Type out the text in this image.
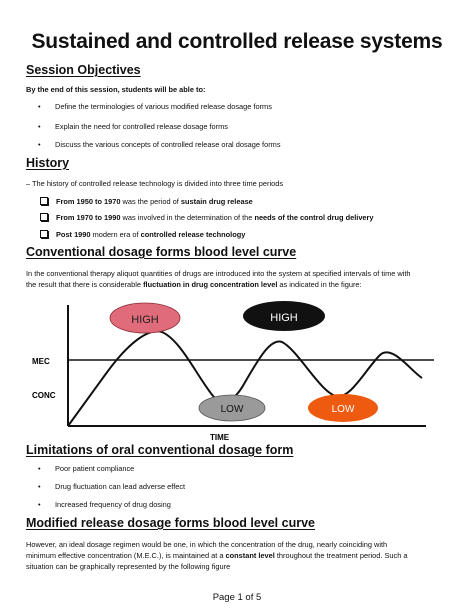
Sustained and controlled release systems
Session Objectives
By the end of this session, students will be able to:
• Define the terminologies of various modified release dosage forms
• Explain the need for controlled release dosage forms
• Discuss the various concepts of controlled release oral dosage forms
History
– The history of controlled release technology is divided into three time periods
From 1950 to 1970 was the period of sustain drug release
From 1970 to 1990 was involved in the determination of the needs of the control drug delivery
Post 1990 modern era of controlled release technology
Conventional dosage forms blood level curve
In the conventional therapy aliquot quantities of drugs are introduced into the system at specified intervals of time with
the result that there is considerable fluctuation in drug concentration level as indicated in the figure:
MEC
CONC
TIME
HIGH	HIGH
LOW	LOW
Limitations of oral conventional dosage form
• Poor patient compliance
• Drug fluctuation can lead adverse effect
• Increased frequency of drug dosing
Modified release dosage forms blood level curve
However, an ideal dosage regimen would be one, in which the concentration of the drug, nearly coinciding with
minimum effective concentration (M.E.C.), is maintained at a constant level throughout the treatment period. Such a
situation can be graphically represented by the following figure
Page 1 of 5
